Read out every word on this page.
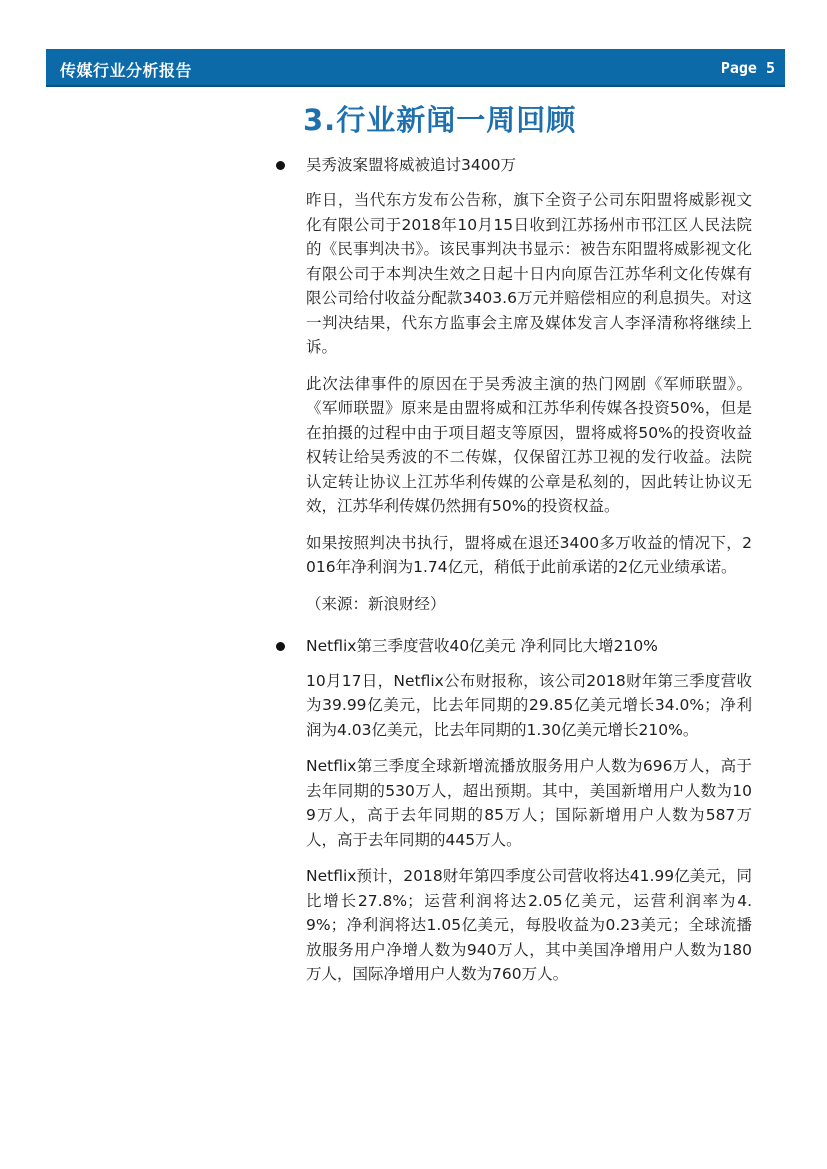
传媒行业分析报告	Page 5
3.行业新闻一周回顾
吴秀波案盟将威被追讨3400万

昨日，当代东方发布公告称，旗下全资子公司东阳盟将威影视文化有限公司于2018年10月15日收到江苏扬州市邗江区人民法院的《民事判决书》。该民事判决书显示：被告东阳盟将威影视文化有限公司于本判决生效之日起十日内向原告江苏华利文化传媒有限公司给付收益分配款3403.6万元并赔偿相应的利息损失。对这一判决结果，代东方监事会主席及媒体发言人李泽清称将继续上诉。

此次法律事件的原因在于吴秀波主演的热门网剧《军师联盟》。《军师联盟》原来是由盟将威和江苏华利传媒各投资50%，但是在拍摄的过程中由于项目超支等原因，盟将威将50%的投资收益权转让给吴秀波的不二传媒，仅保留江苏卫视的发行收益。法院认定转让协议上江苏华利传媒的公章是私刻的，因此转让协议无效，江苏华利传媒仍然拥有50%的投资权益。

如果按照判决书执行，盟将威在退还3400多万收益的情况下，2016年净利润为1.74亿元，稍低于此前承诺的2亿元业绩承诺。

（来源：新浪财经）

Netflix第三季度营收40亿美元 净利同比大增210%

10月17日，Netflix公布财报称，该公司2018财年第三季度营收为39.99亿美元，比去年同期的29.85亿美元增长34.0%；净利润为4.03亿美元，比去年同期的1.30亿美元增长210%。

Netflix第三季度全球新增流播放服务用户人数为696万人，高于去年同期的530万人，超出预期。其中，美国新增用户人数为109万人，高于去年同期的85万人；国际新增用户人数为587万人，高于去年同期的445万人。

Netflix预计，2018财年第四季度公司营收将达41.99亿美元，同比增长27.8%；运营利润将达2.05亿美元，运营利润率为4.9%；净利润将达1.05亿美元，每股收益为0.23美元；全球流播放服务用户净增人数为940万人，其中美国净增用户人数为180万人，国际净增用户人数为760万人。
